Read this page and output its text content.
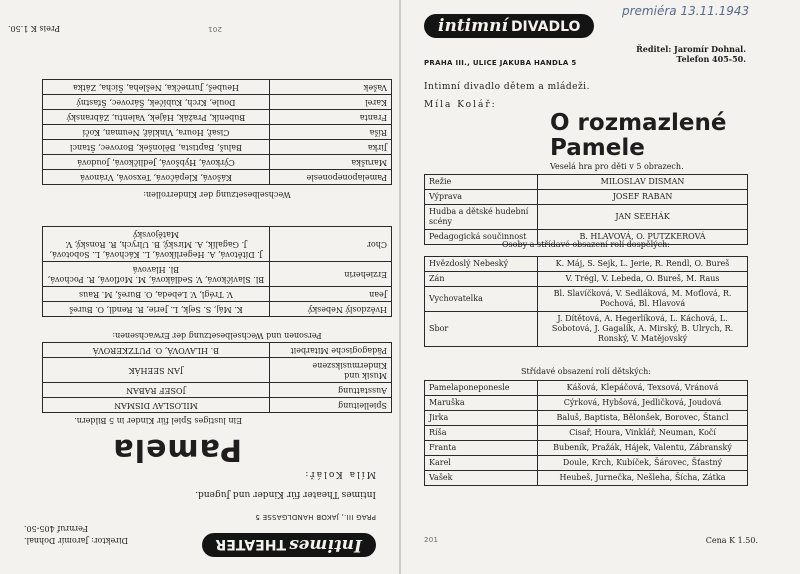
intimní DIVADLO
PRAHA III., ULICE JAKUBA HANDLA 5
Ředitel: Jaromír Dohnal.
Telefon 405-50.
Intimní divadlo dětem a mládeži.
Míla Kolář:
O rozmazlené
Pamele
Veselá hra pro děti v 5 obrazech.
Režie	MILOSLAV DISMAN
Výprava	JOSEF RABAN
Hudba a dětské hudební scény	JAN SEEHÁK
Pedagogická součinnost	B. HLAVOVÁ, O. PUTZKEROVÁ
Osoby a střídavé obsazení rolí dospělých:
Hvězdoslý Nebeský	K. Máj, S. Sejk, L. Jerie, R. Rendl, O. Bureš
Zán	V. Trégl, V. Lebeda, O. Bureš, M. Raus
Vychovatelka	Bl. Slavíčková, V. Sedláková, M. Moťlová, R. Pochová, Bl. Hlavová
Sbor	J. Dítětová, A. Hegerlíková, L. Káchová, L. Sobotová, J. Gagalík, A. Mirský, B. Ulrych, R. Ronský, V. Matějovský
Střídavé obsazení rolí dětských:
Pamelaponeponesle	Kášová, Klepáčová, Texsová, Vránová
Maruška	Cýrková, Hybšová, Jedličková, Joudová
Jirka	Baluš, Baptista, Bělonšek, Borovec, Štancl
Ríša	Cisař, Houra, Vinklář, Neuman, Kočí
Franta	Bubeník, Pražák, Hájek, Valentu, Zábranský
Karel	Doule, Krch, Kubíček, Šárovec, Šťastný
Vašek	Heubeš, Jurnečka, Nešleha, Šícha, Zátka
201	Cena K 1.50.
premiéra 13.11.1943
IntimesTHEATER
PRAG III., JAKOB HANDLGASSE 5
Direktor: Jaromír Dohnal.
Fernruf 405-50.
Intimes Theater für Kinder und Jugend.
Míla Kolář:
Pamela
Ein lustiges Spiel für Kinder in 5 Bildern.
Spielleitung	MILOSLAV DISMAN
Ausstattung	JOSEF RABAN
Musik und Kindermusikszene	JAN SEEHÁK
Pädagogische Mitarbeit	B. HLAVOVÁ, O. PUTZKEROVÁ
Personen und Wechselbesetzung der Erwachsenen:
Hvězdoslý Nebeský	K. Máj, S. Sejk, L. Jerie, R. Rendl, O. Bureš
Jean	V. Trégl, V. Lebeda, O. Bureš, M. Raus
Erzieherin	Bl. Slavíčková, V. Sedláková, M. Moťlová, R. Pochová, Bl. Hlavová
Chor	J. Dítětová, A. Hegerlíková, L. Káchová, L. Sobotová, J. Gagalík, A. Mirský, B. Ulrych, R. Ronský, V. Matějovský
Wechselbesetzung der Kinderrollen:
Pamelaponeponesle	Kášová, Klepáčová, Texsová, Vránová
Maruška	Cýrková, Hybšová, Jedličková, Joudová
Jirka	Baluš, Baptista, Bělonšek, Borovec, Štancl
Ríša	Cisař, Houra, Vinklář, Neuman, Kočí
Franta	Bubeník, Pražák, Hájek, Valentu, Zábranský
Karel	Doule, Krch, Kubíček, Šárovec, Šťastný
Vašek	Heubeš, Jurnečka, Nešleha, Šícha, Zátka
201
Preis K 1.50.
